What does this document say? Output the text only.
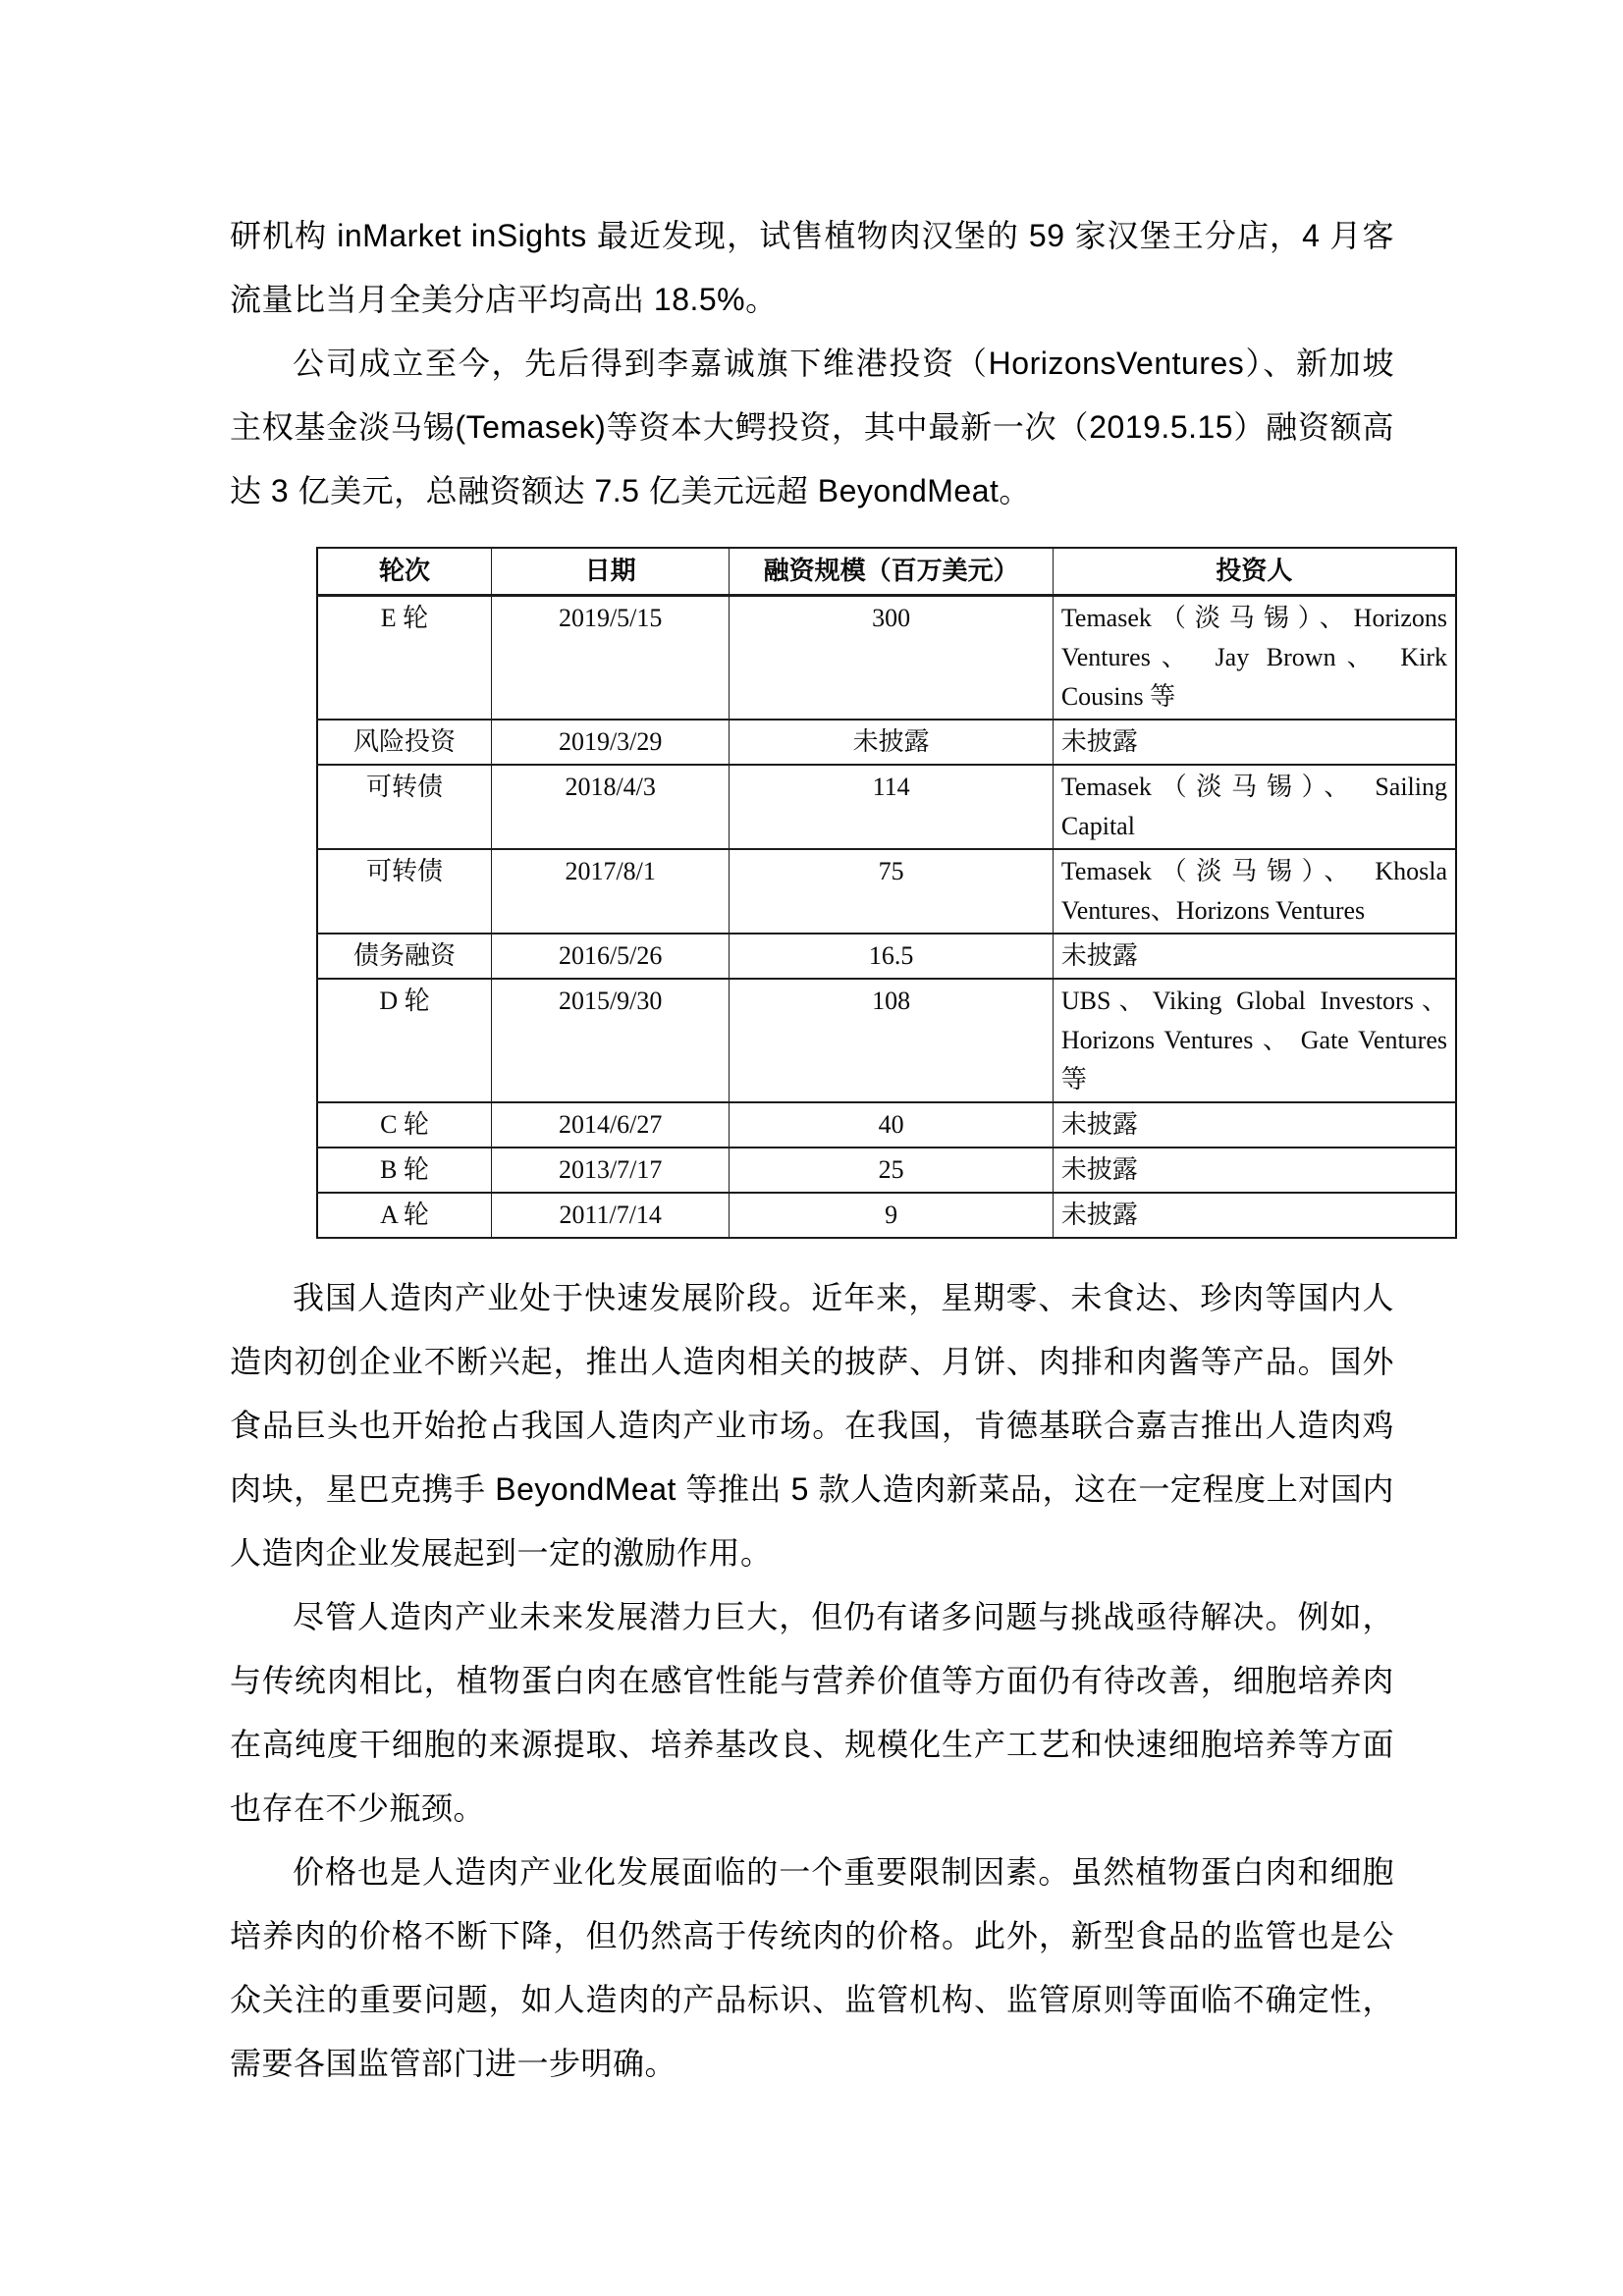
研机构 inMarket inSights 最近发现，试售植物肉汉堡的 59 家汉堡王分店，4 月客流量比当月全美分店平均高出 18.5%。

公司成立至今，先后得到李嘉诚旗下维港投资（HorizonsVentures）、新加坡主权基金淡马锡(Temasek)等资本大鳄投资，其中最新一次（2019.5.15）融资额高达 3 亿美元，总融资额达 7.5 亿美元远超 BeyondMeat。

轮次	日期	融资规模（百万美元）	投资人
E 轮	2019/5/15	300	Temasek（淡马锡）、Horizons Ventures、 Jay Brown、 Kirk Cousins 等
风险投资	2019/3/29	未披露	未披露
可转债	2018/4/3	114	Temasek（淡马锡）、 Sailing Capital
可转债	2017/8/1	75	Temasek（淡马锡）、 Khosla Ventures、Horizons Ventures
债务融资	2016/5/26	16.5	未披露
D 轮	2015/9/30	108	UBS、Viking Global Investors、Horizons Ventures 、 Gate Ventures 等
C 轮	2014/6/27	40	未披露
B 轮	2013/7/17	25	未披露
A 轮	2011/7/14	9	未披露

我国人造肉产业处于快速发展阶段。近年来，星期零、未食达、珍肉等国内人造肉初创企业不断兴起，推出人造肉相关的披萨、月饼、肉排和肉酱等产品。国外食品巨头也开始抢占我国人造肉产业市场。在我国，肯德基联合嘉吉推出人造肉鸡肉块，星巴克携手 BeyondMeat 等推出 5 款人造肉新菜品，这在一定程度上对国内人造肉企业发展起到一定的激励作用。

尽管人造肉产业未来发展潜力巨大，但仍有诸多问题与挑战亟待解决。例如，与传统肉相比，植物蛋白肉在感官性能与营养价值等方面仍有待改善，细胞培养肉在高纯度干细胞的来源提取、培养基改良、规模化生产工艺和快速细胞培养等方面也存在不少瓶颈。

价格也是人造肉产业化发展面临的一个重要限制因素。虽然植物蛋白肉和细胞培养肉的价格不断下降，但仍然高于传统肉的价格。此外，新型食品的监管也是公众关注的重要问题，如人造肉的产品标识、监管机构、监管原则等面临不确定性，需要各国监管部门进一步明确。
